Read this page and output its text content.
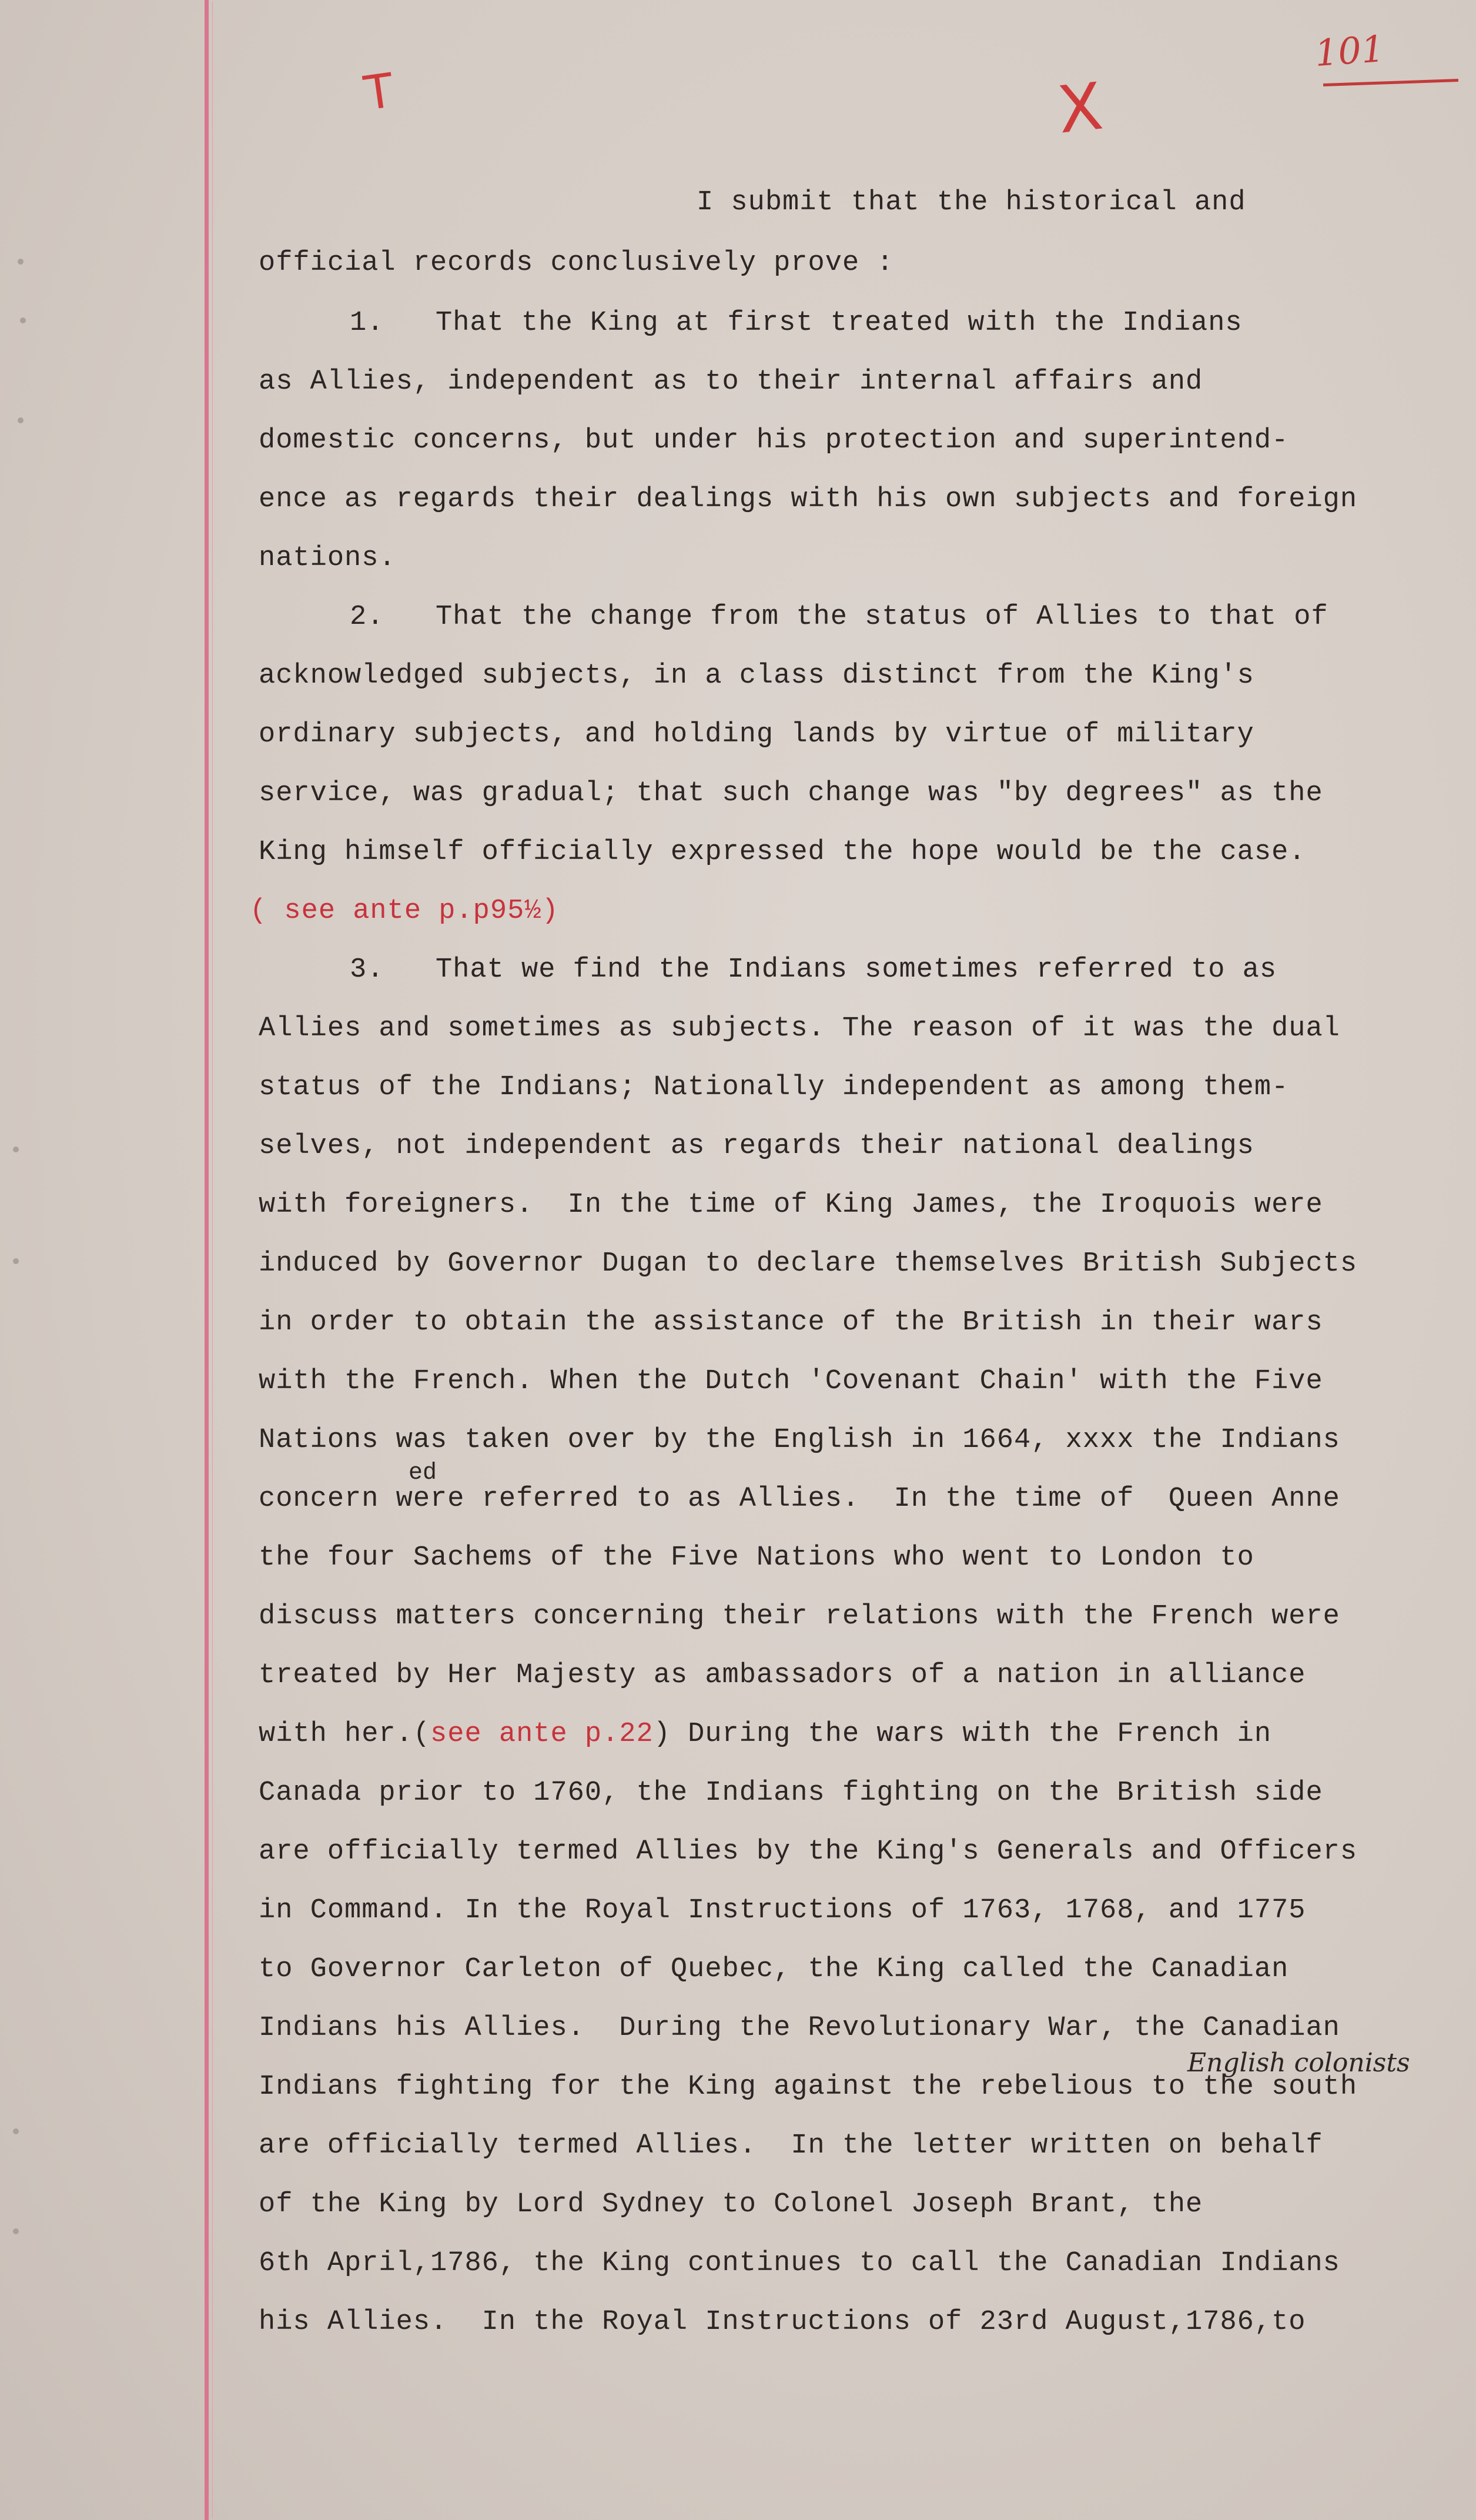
101
T	X
I submit that the historical and
official records conclusively prove :
1.   That the King at first treated with the Indians
as Allies, independent as to their internal affairs and
domestic concerns, but under his protection and superintend-
ence as regards their dealings with his own subjects and foreign
nations.
2.   That the change from the status of Allies to that of
acknowledged subjects, in a class distinct from the King's
ordinary subjects, and holding lands by virtue of military
service, was gradual; that such change was "by degrees" as the
King himself officially expressed the hope would be the case.
( see ante p.p95½)
3.   That we find the Indians sometimes referred to as
Allies and sometimes as subjects. The reason of it was the dual
status of the Indians; Nationally independent as among them-
selves, not independent as regards their national dealings
with foreigners.  In the time of King James, the Iroquois were
induced by Governor Dugan to declare themselves British Subjects
in order to obtain the assistance of the British in their wars
with the French. When the Dutch 'Covenant Chain' with the Five
Nations was taken over by the English in 1664, xxxx the Indians
ed
concern were referred to as Allies.  In the time of  Queen Anne
the four Sachems of the Five Nations who went to London to
discuss matters concerning their relations with the French were
treated by Her Majesty as ambassadors of a nation in alliance
with her.(see ante p.22) During the wars with the French in
Canada prior to 1760, the Indians fighting on the British side
are officially termed Allies by the King's Generals and Officers
in Command. In the Royal Instructions of 1763, 1768, and 1775
to Governor Carleton of Quebec, the King called the Canadian
Indians his Allies.  During the Revolutionary War, the Canadian
English colonists
Indians fighting for the King against the rebelious to the south
are officially termed Allies.  In the letter written on behalf
of the King by Lord Sydney to Colonel Joseph Brant, the
6th April,1786, the King continues to call the Canadian Indians
his Allies.  In the Royal Instructions of 23rd August,1786,to
